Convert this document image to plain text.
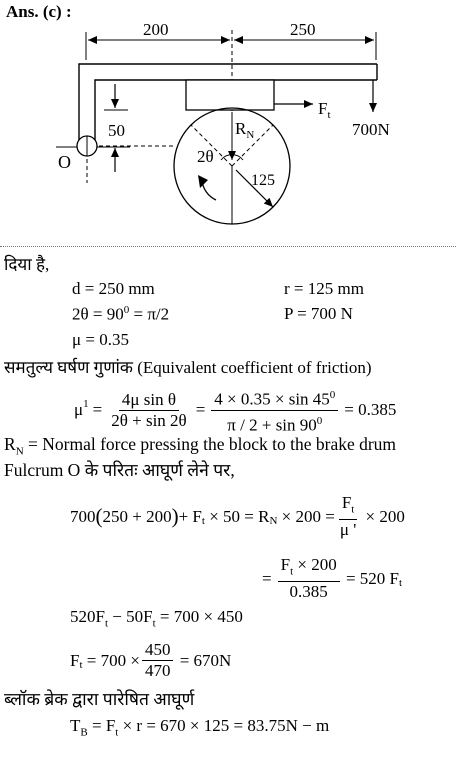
Ans. (c) :
200	250
700N
$F_t$
50
O
$R_N$
2θ
125
दिया है,
d = 250 mm	r = 125 mm
$2\theta = 90^0 = \pi/2$	P = 700 N
μ = 0.35
समतुल्य घर्षण गुणांक (Equivalent coefficient of friction)
$\mu^1 = \frac{\text{4μ sin θ}}{2\theta + \sin 2\theta} = \frac{4 \times 0.35 \times \sin 45^0}{\pi / 2 + \sin 90^0} = 0.385$
$R_N$ = Normal force pressing the block to the brake drum
Fulcrum O के परितः आघूर्ण लेने पर,
700 ( 250 + 200 ) + $F_t \times 50 = R_N \times 200 = \frac{F_t}{\mu '} \times 200$
= $\frac{F_t \times 200}{0.385} = 520$ $F_t$
$520F_t - 50F_t = 700 \times 450$
$F_t = 700 \times \frac{450}{470} = 670N$
ब्लॉक ब्रेक द्वारा पारेषित आघूर्ण
$T_B = F_t \times r = 670 \times 125 = 83.75N - m$
